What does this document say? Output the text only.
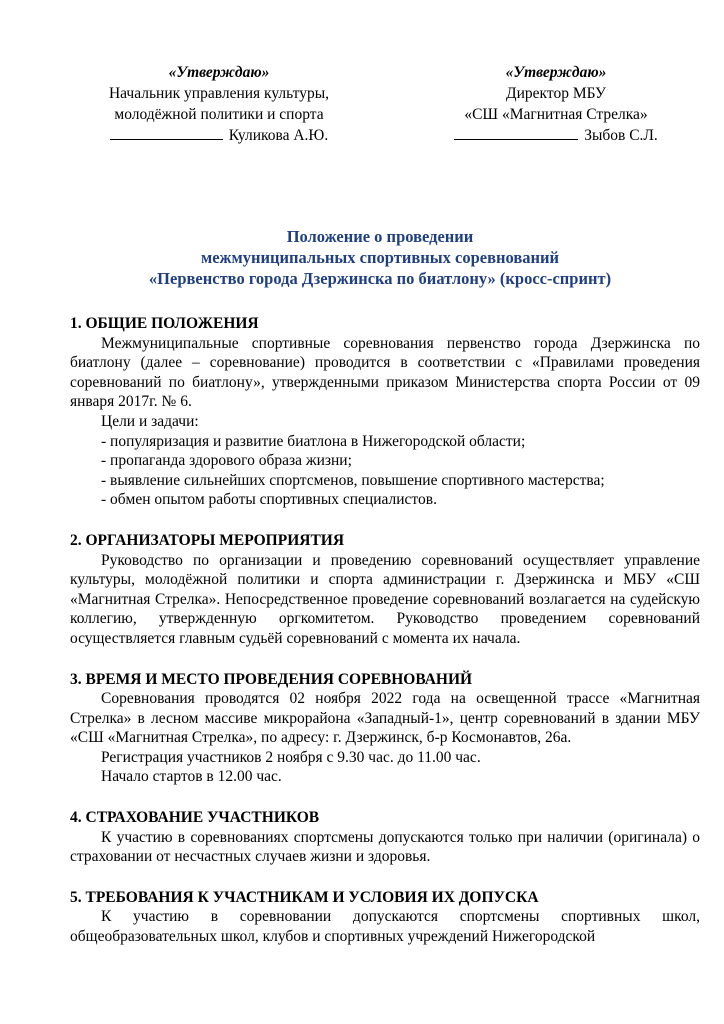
«Утверждаю»
Начальник управления культуры,
молодёжной политики и спорта
Куликова А.Ю.
«Утверждаю»
Директор МБУ
«СШ «Магнитная Стрелка»
Зыбов С.Л.
Положение о проведении
межмуниципальных спортивных соревнований
«Первенство города Дзержинска по биатлону» (кросс-спринт)

1. ОБЩИЕ ПОЛОЖЕНИЯ

Межмуниципальные спортивные соревнования первенство города Дзержинска по биатлону (далее – соревнование) проводится в соответствии с «Правилами проведения соревнований по биатлону», утвержденными приказом Министерства спорта России от 09 января 2017г. № 6.

Цели и задачи:

- популяризация и развитие биатлона в Нижегородской области;

- пропаганда здорового образа жизни;

- выявление сильнейших спортсменов, повышение спортивного мастерства;

- обмен опытом работы спортивных специалистов.

2. ОРГАНИЗАТОРЫ МЕРОПРИЯТИЯ

Руководство по организации и проведению соревнований осуществляет управление культуры, молодёжной политики и спорта администрации г. Дзержинска и МБУ «СШ «Магнитная Стрелка». Непосредственное проведение соревнований возлагается на судейскую коллегию, утвержденную оргкомитетом. Руководство проведением соревнований осуществляется главным судьёй соревнований с момента их начала.

3. ВРЕМЯ И МЕСТО ПРОВЕДЕНИЯ СОРЕВНОВАНИЙ

Соревнования проводятся 02 ноября 2022 года на освещенной трассе «Магнитная Стрелка» в лесном массиве микрорайона «Западный-1», центр соревнований в здании МБУ «СШ «Магнитная Стрелка», по адресу: г. Дзержинск, б-р Космонавтов, 26а.

Регистрация участников 2 ноября с 9.30 час. до 11.00 час.

Начало стартов в 12.00 час.

4. СТРАХОВАНИЕ УЧАСТНИКОВ

К участию в соревнованиях спортсмены допускаются только при наличии (оригинала) о страховании от несчастных случаев жизни и здоровья.

5. ТРЕБОВАНИЯ К УЧАСТНИКАМ И УСЛОВИЯ ИХ ДОПУСКА

К участию в соревновании допускаются спортсмены спортивных школ, общеобразовательных школ, клубов и спортивных учреждений Нижегородской
